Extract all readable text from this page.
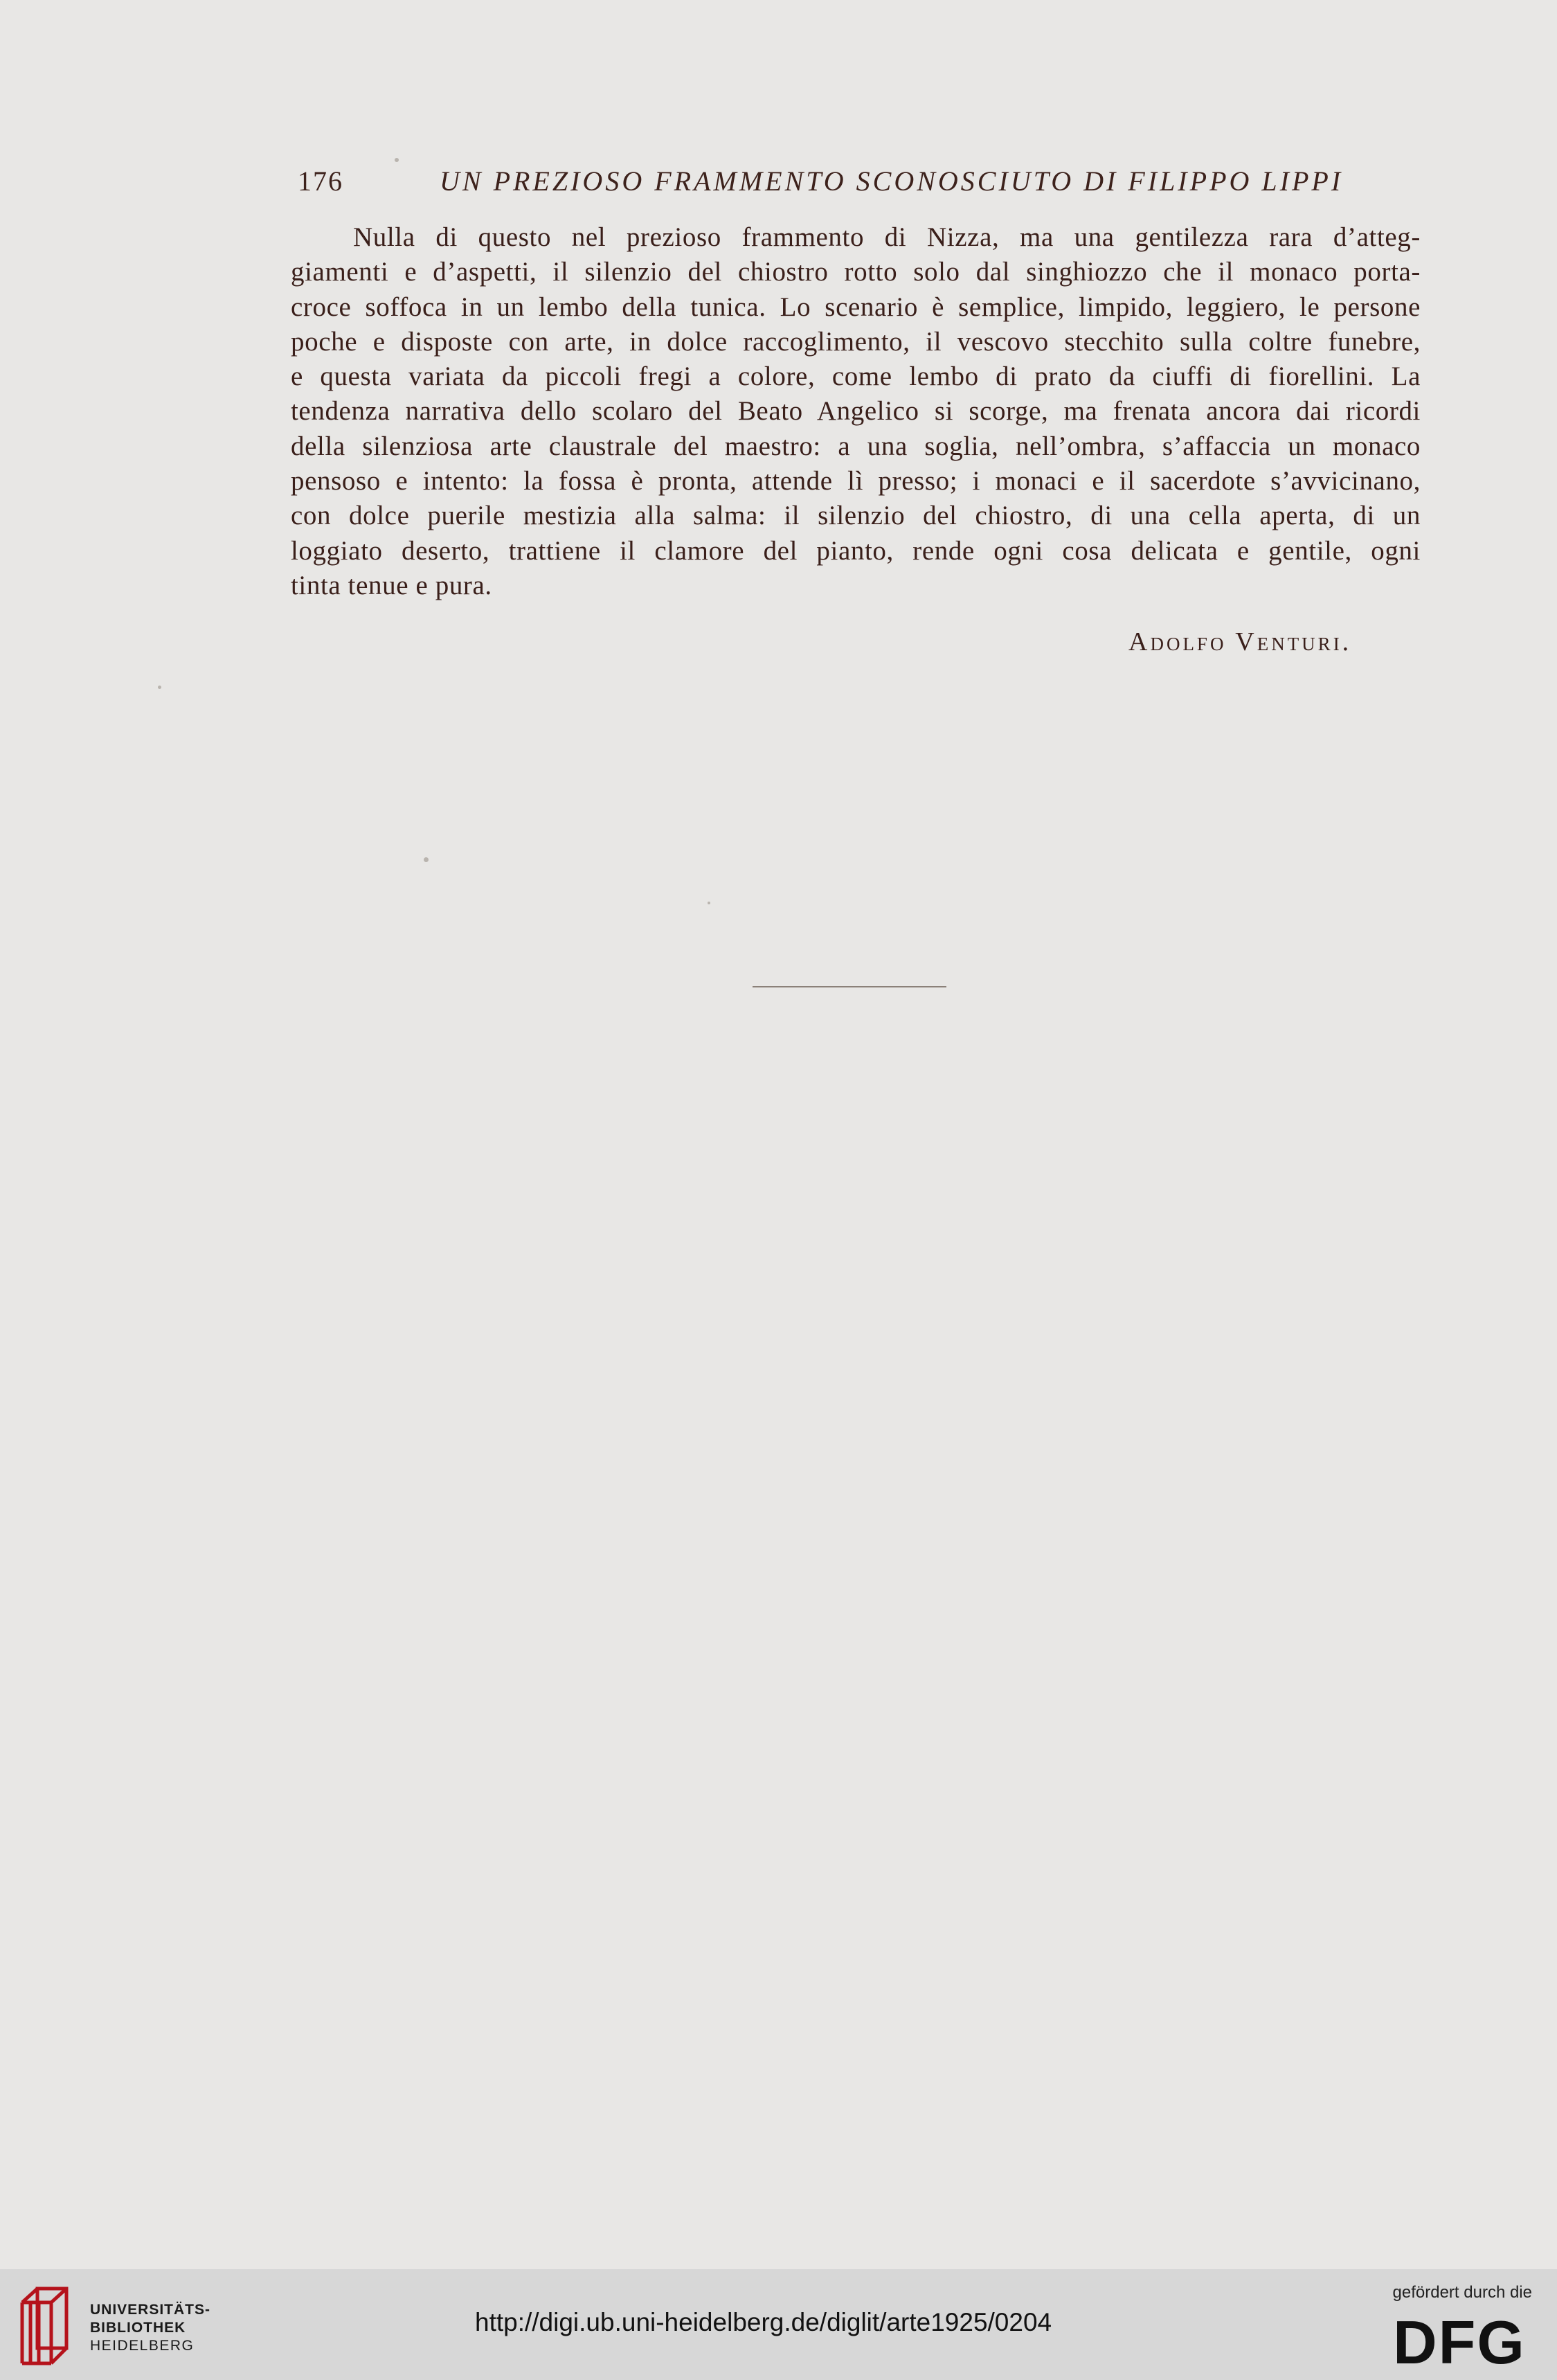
176	UN PREZIOSO FRAMMENTO SCONOSCIUTO DI FILIPPO LIPPI
Nulla di questo nel prezioso frammento di Nizza, ma una gentilezza rara d’atteg-
giamenti e d’aspetti, il silenzio del chiostro rotto solo dal singhiozzo che il monaco porta-
croce soffoca in un lembo della tunica. Lo scenario è semplice, limpido, leggiero, le persone
poche e disposte con arte, in dolce raccoglimento, il vescovo stecchito sulla coltre funebre,
e questa variata da piccoli fregi a colore, come lembo di prato da ciuffi di fiorellini. La
tendenza narrativa dello scolaro del Beato Angelico si scorge, ma frenata ancora dai ricordi
della silenziosa arte claustrale del maestro: a una soglia, nell’ombra, s’affaccia un monaco
pensoso e intento: la fossa è pronta, attende lì presso; i monaci e il sacerdote s’avvicinano,
con dolce puerile mestizia alla salma: il silenzio del chiostro, di una cella aperta, di un
loggiato deserto, trattiene il clamore del pianto, rende ogni cosa delicata e gentile, ogni
tinta tenue e pura.
Adolfo Venturi.
UNIVERSITÄTS-
BIBLIOTHEK
HEIDELBERG
http://digi.ub.uni-heidelberg.de/diglit/arte1925/0204
gefördert durch die
DFG
